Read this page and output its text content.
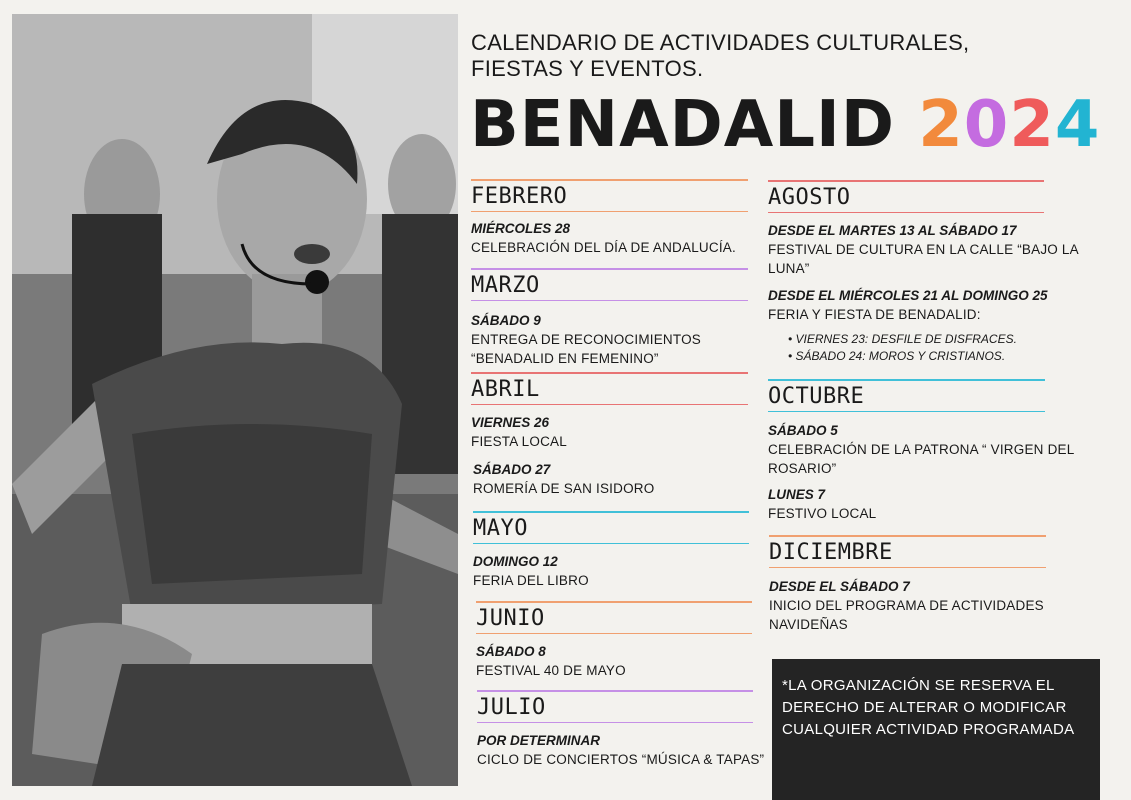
CALENDARIO DE ACTIVIDADES CULTURALES,
FIESTAS Y EVENTOS.
BENADALID 2024
FEBRERO
MIÉRCOLES 28
CELEBRACIÓN DEL DÍA DE ANDALUCÍA.
MARZO
SÁBADO 9
ENTREGA DE RECONOCIMIENTOS
“BENADALID EN FEMENINO”
ABRIL
VIERNES 26
FIESTA LOCAL
SÁBADO 27
ROMERÍA DE SAN ISIDORO
MAYO
DOMINGO 12
FERIA DEL LIBRO
JUNIO
SÁBADO 8
FESTIVAL 40 DE MAYO
JULIO
POR DETERMINAR
CICLO DE CONCIERTOS “MÚSICA & TAPAS”
AGOSTO
DESDE EL MARTES 13 AL SÁBADO 17
FESTIVAL DE CULTURA EN LA CALLE “BAJO LA
LUNA”
DESDE EL MIÉRCOLES 21 AL DOMINGO 25
FERIA Y FIESTA DE BENADALID:
• VIERNES 23: DESFILE DE DISFRACES.
• SÁBADO 24: MOROS Y CRISTIANOS.
OCTUBRE
SÁBADO 5
CELEBRACIÓN DE LA PATRONA “ VIRGEN DEL
ROSARIO”
LUNES 7
FESTIVO LOCAL
DICIEMBRE
DESDE EL SÁBADO 7
INICIO DEL PROGRAMA DE ACTIVIDADES
NAVIDEÑAS
*LA ORGANIZACIÓN SE RESERVA EL
DERECHO DE ALTERAR O MODIFICAR
CUALQUIER ACTIVIDAD PROGRAMADA
